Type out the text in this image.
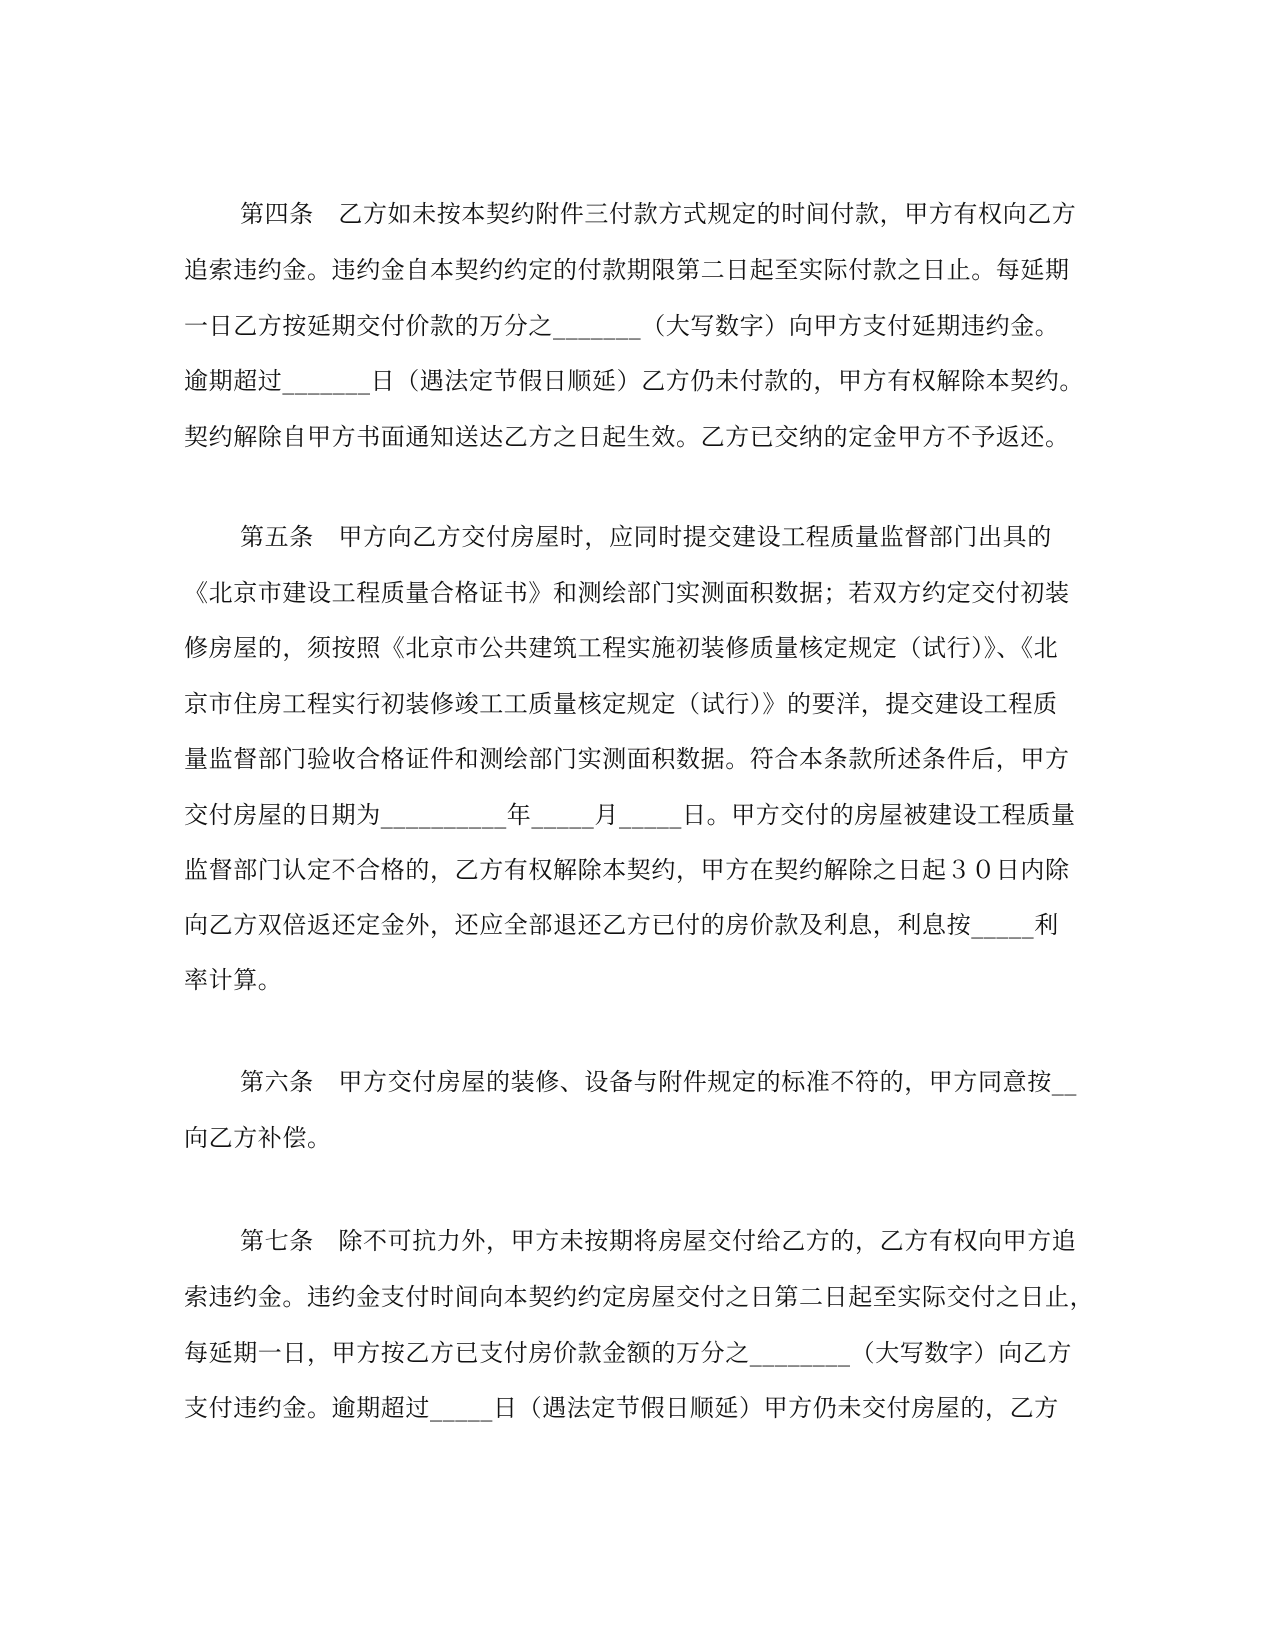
第四条　乙方如未按本契约附件三付款方式规定的时间付款，甲方有权向乙方
追索违约金。违约金自本契约约定的付款期限第二日起至实际付款之日止。每延期
一日乙方按延期交付价款的万分之_______（大写数字）向甲方支付延期违约金。
逾期超过_______日（遇法定节假日顺延）乙方仍未付款的，甲方有权解除本契约。
契约解除自甲方书面通知送达乙方之日起生效。乙方已交纳的定金甲方不予返还。
第五条　甲方向乙方交付房屋时，应同时提交建设工程质量监督部门出具的
《北京市建设工程质量合格证书》和测绘部门实测面积数据；若双方约定交付初装
修房屋的，须按照《北京市公共建筑工程实施初装修质量核定规定（试行）》、《北
京市住房工程实行初装修竣工工质量核定规定（试行）》的要洋，提交建设工程质
量监督部门验收合格证件和测绘部门实测面积数据。符合本条款所述条件后，甲方
交付房屋的日期为__________年_____月_____日。甲方交付的房屋被建设工程质量
监督部门认定不合格的，乙方有权解除本契约，甲方在契约解除之日起３０日内除
向乙方双倍返还定金外，还应全部退还乙方已付的房价款及利息，利息按_____利
率计算。
第六条　甲方交付房屋的装修、设备与附件规定的标准不符的，甲方同意按__
向乙方补偿。
第七条　除不可抗力外，甲方未按期将房屋交付给乙方的，乙方有权向甲方追
索违约金。违约金支付时间向本契约约定房屋交付之日第二日起至实际交付之日止，
每延期一日，甲方按乙方已支付房价款金额的万分之________（大写数字）向乙方
支付违约金。逾期超过_____日（遇法定节假日顺延）甲方仍未交付房屋的，乙方
